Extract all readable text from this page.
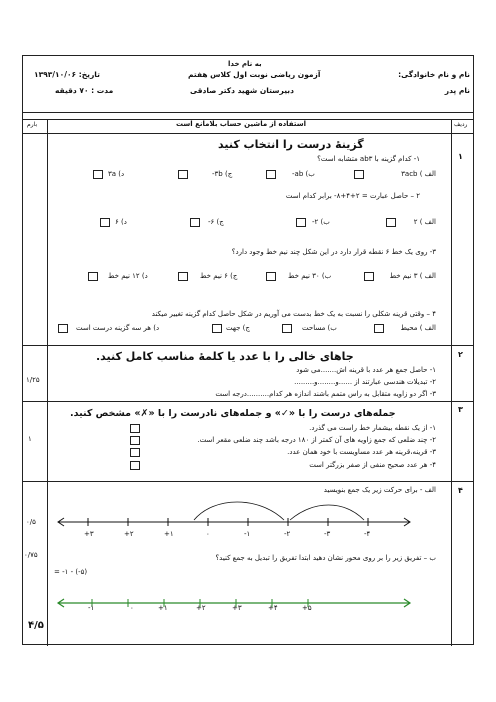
به نام خدا
نام و نام خانوادگی:
نام پدر
آزمون ریاضی نوبت اول کلاس هفتم
دبیرستان شهید دکتر صادقی
تاریخ: ۱۳۹۳/۱۰/۰۶
مدت : ۷۰ دقیقه
ردیف
استفاده از ماشین حساب بلامانع است
بارم
۱
گزینهٔ درست را انتخاب کنید
۱- کدام گزینه با ab۳ متشابه است؟
الف ) ۳acb
ب) ab-
ج) ۳b-
د) ۳a
۲ – حاصل عبارت = ۲+۴+۸- برابر کدام است
الف ) ۲
ب) ۲-
ج) ۶-
د) ۶
۳- روی یک خط ۶ نقطه قرار دارد در این شکل چند نیم خط وجود دارد؟
الف ) ۳ نیم خط
ب) ۳۰ نیم خط
ج) ۶ نیم خط
د) ۱۲ نیم خط
۴ – وقتی قرینه شکلی را نسبت به یک خط بدست می آوریم در شکل حاصل کدام گزینه تغییر میکند
الف ) محیط
ب) مساحت
ج) جهت
د) هر سه گزینه درست است
۲
۱/۲۵
جاهای خالی را با عدد یا کلمهٔ مناسب کامل کنید.
۱- حاصل جمع هر عدد با قرینه اش.......می شود
۲- تبدیلات هندسی عبارتند از ......و........و.........
۳- اگر دو زاویه متقابل به راس متمم باشند اندازه هر کدام..........درجه است
۳
۱
جمله‌های درست را با «✓» و جمله‌های نادرست را با «✗» مشخص کنید.
۱- از یک نقطه بیشمار خط راست می گذرد.
۲- چند ضلعی که جمع زاویه های آن کمتر از ۱۸۰ درجه باشد چند ضلعی مقعر است.
۳- قرینه،قرینه هر عدد مساویست با خود همان عدد.
۴- هر عدد صحیح منفی از صفر بزرگتر است
۴
الف - برای حرکت زیر یک جمع بنویسید
۰/۵
+۳	+۲	+۱	۰	-۱	-۲	-۳	-۴
ب – تفریق زیر را بر روی محور نشان دهید ابتدا تفریق را تبدیل به جمع کنید؟
۰/۷۵
(۵-) - ۱- =
-۱	۰	+۱	+۲	+۳	+۴	+۵
۴/۵
